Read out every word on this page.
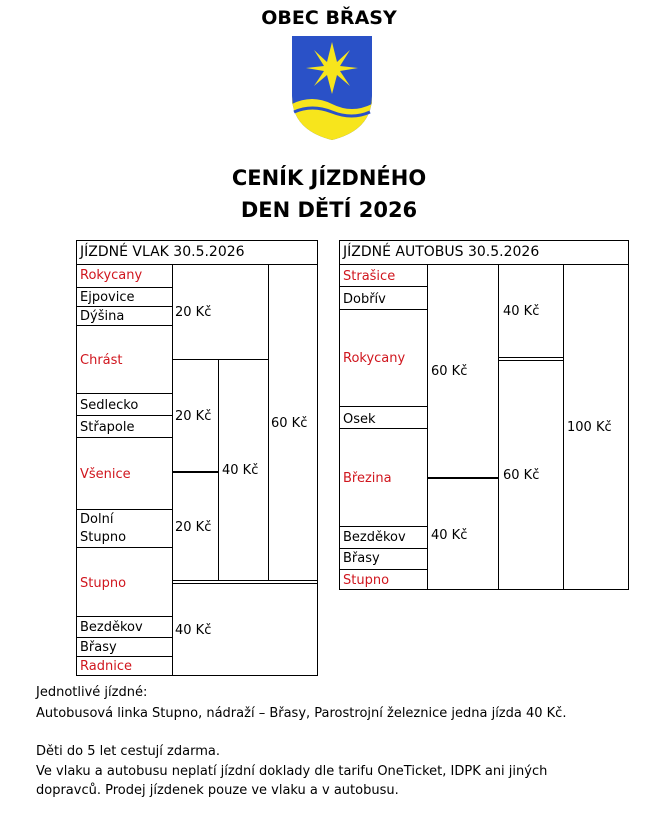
OBEC BŘASY
CENÍK JÍZDNÉHO
DEN DĚTÍ 2026
JÍZDNÉ VLAK 30.5.2026
Rokycany
Ejpovice
Dýšina
Chrást
Sedlecko
Střapole
Všenice
Dolní
Stupno
Stupno
Bezděkov
Břasy
Radnice
20 Kč
20 Kč
20 Kč
40 Kč
60 Kč
40 Kč
JÍZDNÉ AUTOBUS 30.5.2026
Strašice
Dobřív
Rokycany
Osek
Březina
Bezděkov
Břasy
Stupno
40 Kč
60 Kč
60 Kč
40 Kč
100 Kč
Jednotlivé jízdné:
Autobusová linka Stupno, nádraží – Břasy, Parostrojní železnice jedna jízda 40 Kč.
Děti do 5 let cestují zdarma.
Ve vlaku a autobusu neplatí jízdní doklady dle tarifu OneTicket, IDPK ani jiných
dopravců. Prodej jízdenek pouze ve vlaku a v autobusu.
